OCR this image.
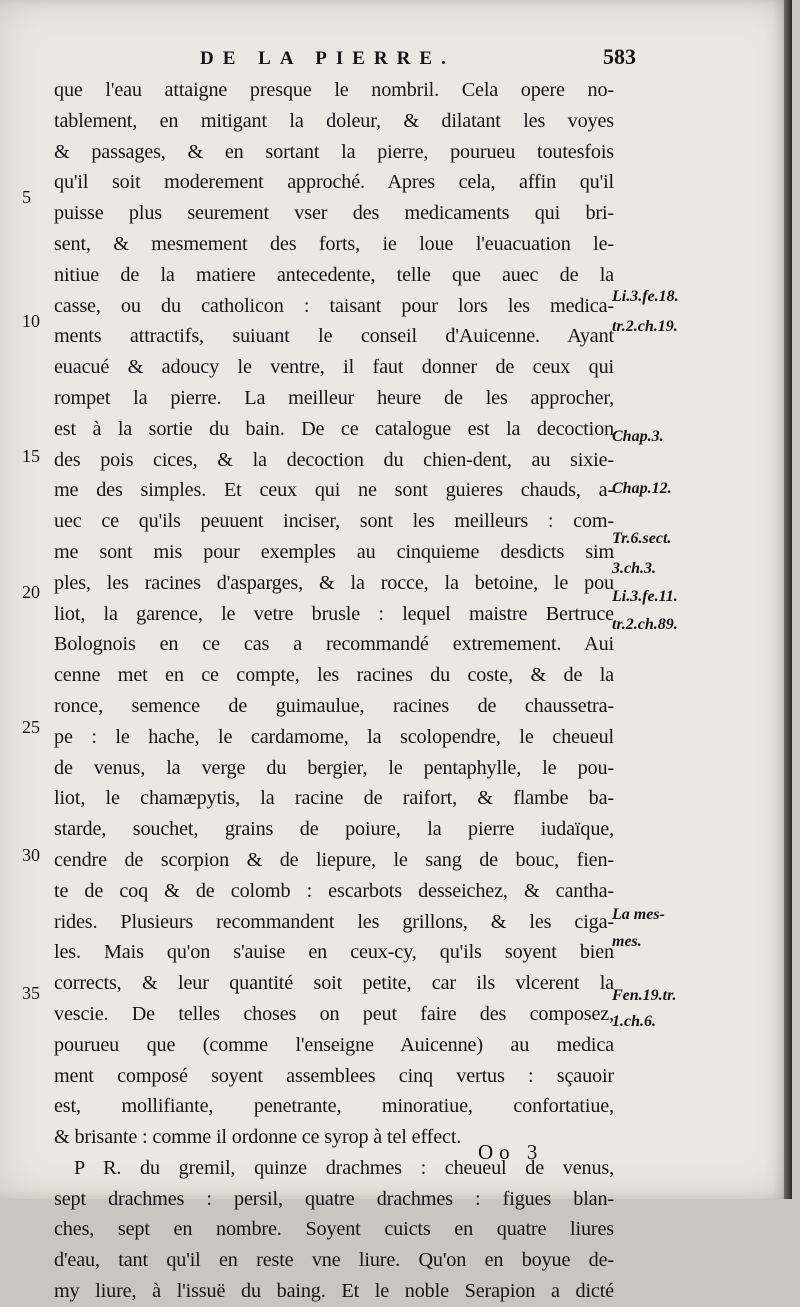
DE LA PIERRE.	583
que l'eau attaigne presque le nombril. Cela opere no-
tablement, en mitigant la doleur, & dilatant les voyes
& passages, & en sortant la pierre, pourueu toutesfois
qu'il soit moderement approché. Apres cela, affin qu'il
puisse plus seurement vser des medicaments qui bri-
sent, & mesmement des forts, ie loue l'euacuation le-
nitiue de la matiere antecedente, telle que auec de la
casse, ou du catholicon : taisant pour lors les medica-
ments attractifs, suiuant le conseil d'Auicenne. Ayant
euacué & adoucy le ventre, il faut donner de ceux qui
rompet la pierre. La meilleur heure de les approcher,
est à la sortie du bain. De ce catalogue est la decoction
des pois cices, & la decoction du chien-dent, au sixie-
me des simples. Et ceux qui ne sont guieres chauds, a-
uec ce qu'ils peuuent inciser, sont les meilleurs : com-
me sont mis pour exemples au cinquieme desdicts sim
ples, les racines d'asparges, & la rocce, la betoine, le pou
liot, la garence, le vetre brusle : lequel maistre Bertruce
Bolognois en ce cas a recommandé extremement. Aui
cenne met en ce compte, les racines du coste, & de la
ronce, semence de guimaulue, racines de chaussetra-
pe : le hache, le cardamome, la scolopendre, le cheueul
de venus, la verge du bergier, le pentaphylle, le pou-
liot, le chamæpytis, la racine de raifort, & flambe ba-
starde, souchet, grains de poiure, la pierre iudaïque,
cendre de scorpion & de liepure, le sang de bouc, fien-
te de coq & de colomb : escarbots desseichez, & cantha-
rides. Plusieurs recommandent les grillons, & les ciga-
les. Mais qu'on s'auise en ceux-cy, qu'ils soyent bien
corrects, & leur quantité soit petite, car ils vlcerent la
vescie. De telles choses on peut faire des composez,
pourueu que (comme l'enseigne Auicenne) au medica
ment composé soyent assemblees cinq vertus : sçauoir
est, mollifiante, penetrante, minoratiue, confortatiue,
& brisante : comme il ordonne ce syrop à tel effect.
P R. du gremil, quinze drachmes : cheueul de venus,
sept drachmes : persil, quatre drachmes : figues blan-
ches, sept en nombre. Soyent cuicts en quatre liures
d'eau, tant qu'il en reste vne liure. Qu'on en boyue de-
my liure, à l'issuë du baing. Et le noble Serapion a dicté
5
10
15
20
25
30
35
Li.3.fe.18.
tr.2.ch.19.
Chap.3.
Chap.12.
Tr.6.sect.
3.ch.3.
Li.3.fe.11.
tr.2.ch.89.
La mes-
mes.
Fen.19.tr.
1.ch.6.
Oo 3
